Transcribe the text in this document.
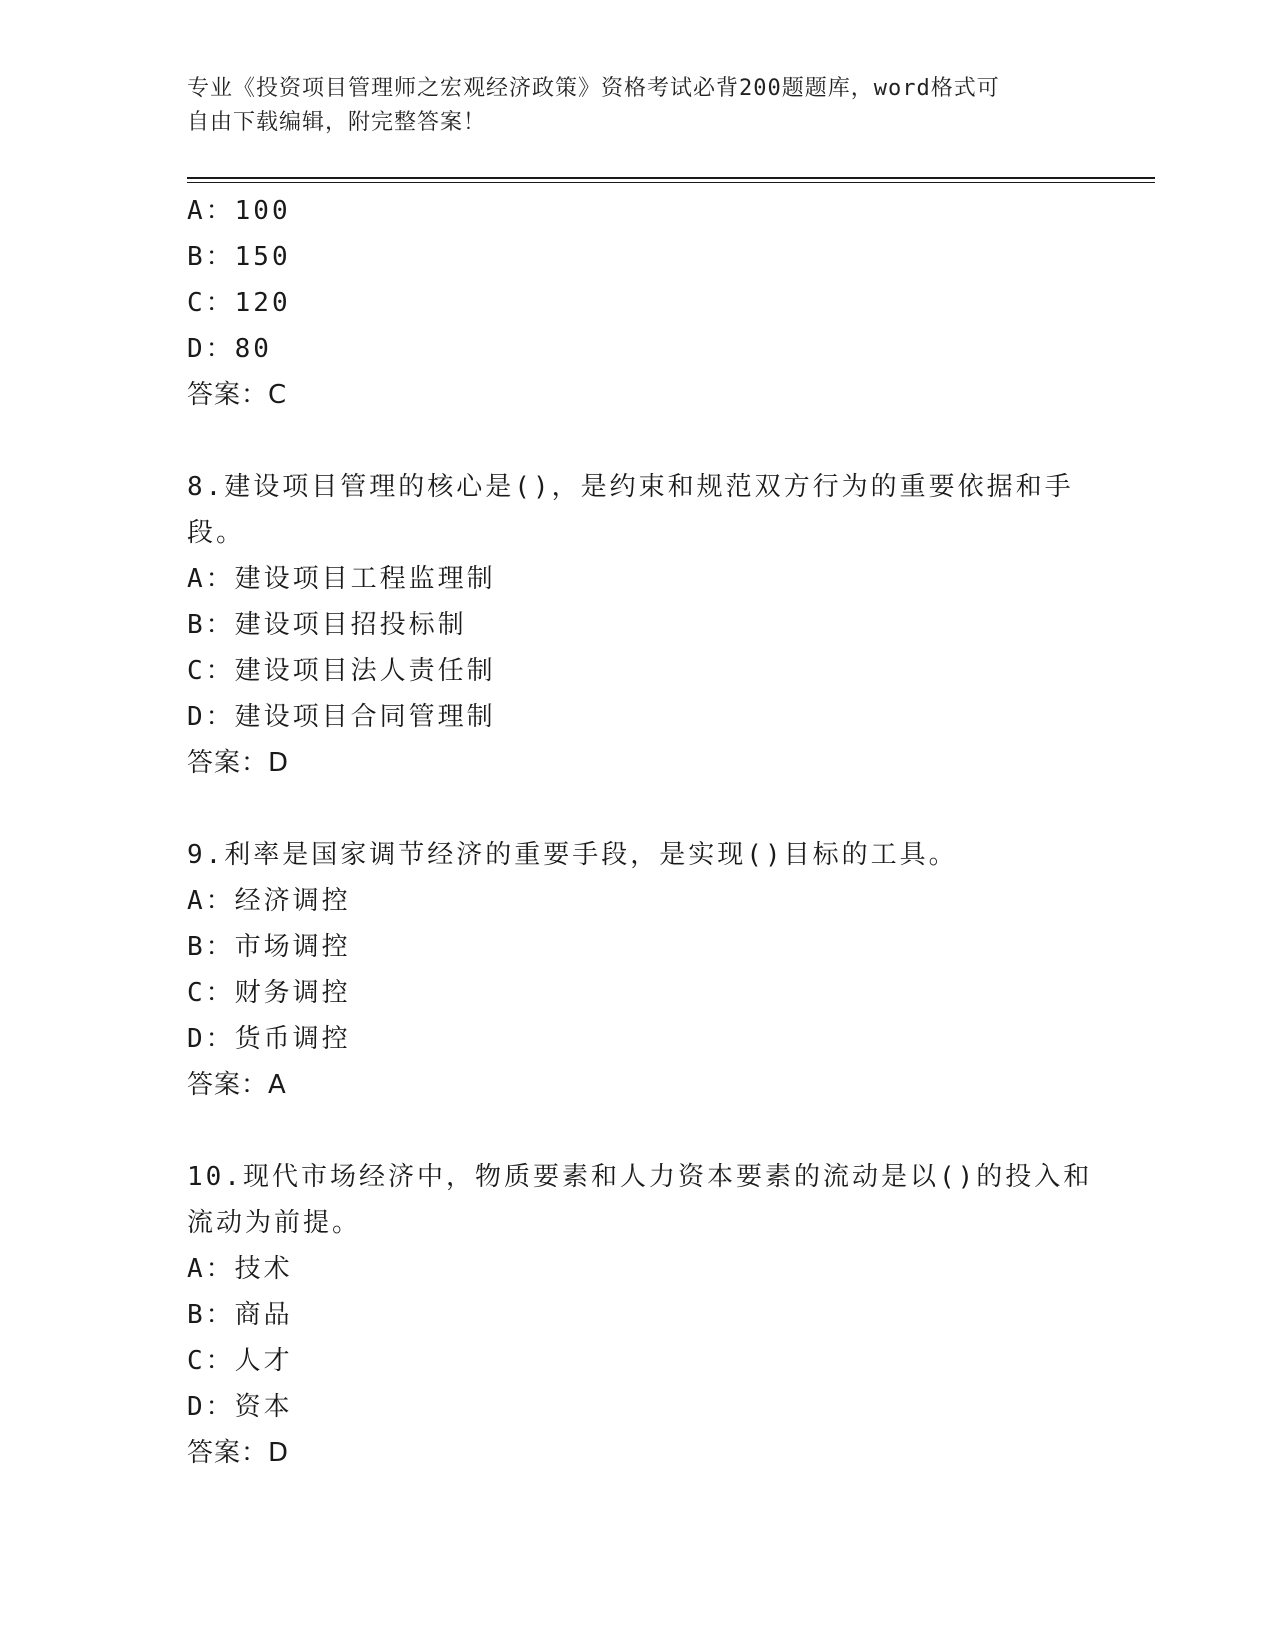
专业《投资项目管理师之宏观经济政策》资格考试必背200题题库，word格式可
自由下载编辑，附完整答案！
A：100
B：150
C：120
D：80
答案：C
8.建设项目管理的核心是()，是约束和规范双方行为的重要依据和手
段。
A：建设项目工程监理制
B：建设项目招投标制
C：建设项目法人责任制
D：建设项目合同管理制
答案：D
9.利率是国家调节经济的重要手段，是实现()目标的工具。
A：经济调控
B：市场调控
C：财务调控
D：货币调控
答案：A
10.现代市场经济中，物质要素和人力资本要素的流动是以()的投入和
流动为前提。
A：技术
B：商品
C：人才
D：资本
答案：D
